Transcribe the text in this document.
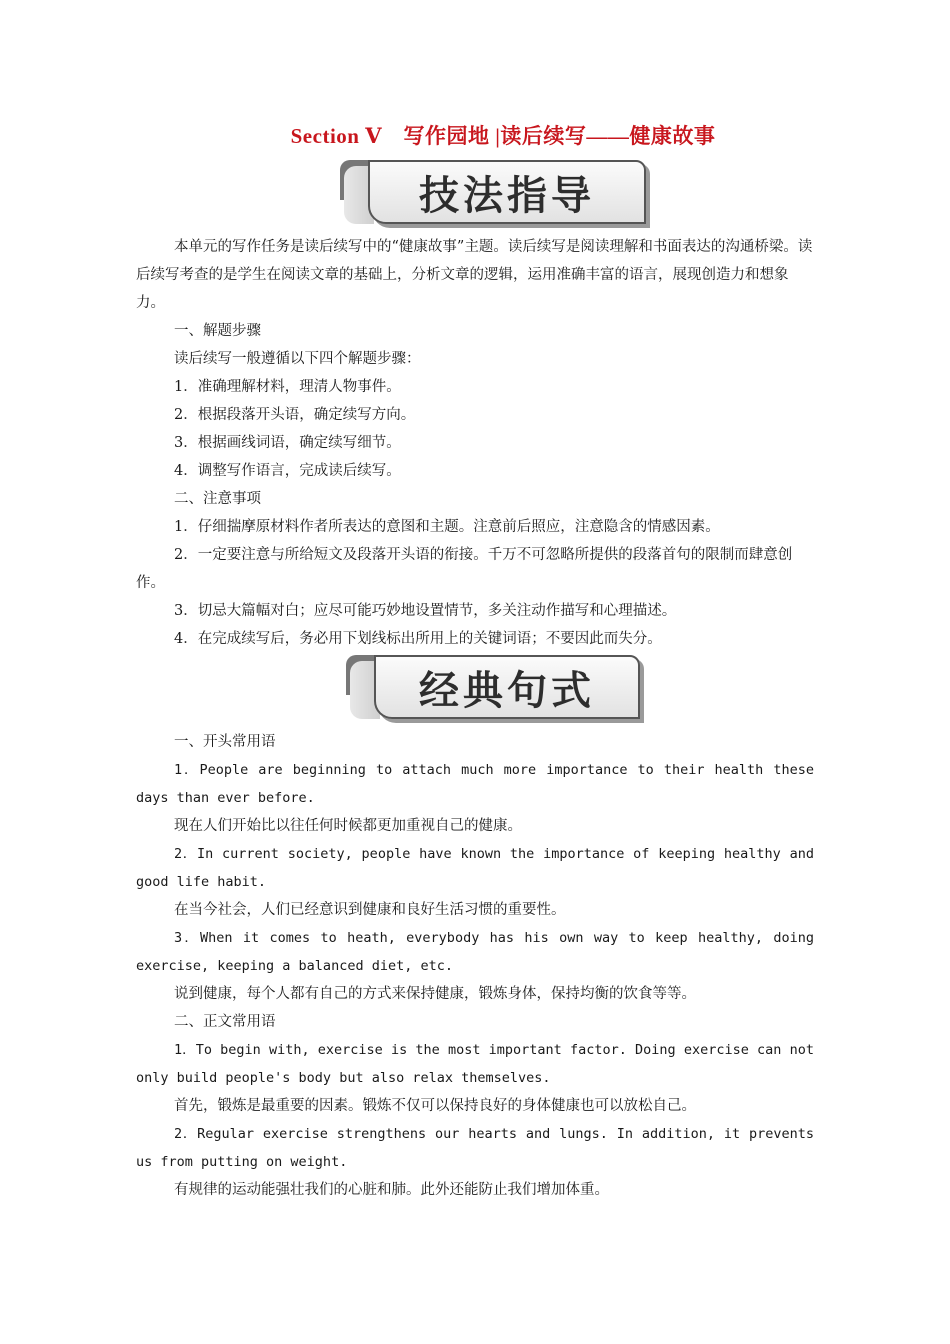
Section Ⅴ　写作园地 |读后续写——健康故事
技法指导

本单元的写作任务是读后续写中的“健康故事”主题。读后续写是阅读理解和书面表达的沟通桥梁。读后续写考查的是学生在阅读文章的基础上，分析文章的逻辑，运用准确丰富的语言，展现创造力和想象力。

一、解题步骤

读后续写一般遵循以下四个解题步骤：

1．准确理解材料，理清人物事件。

2．根据段落开头语，确定续写方向。

3．根据画线词语，确定续写细节。

4．调整写作语言，完成读后续写。

二、注意事项

1．仔细揣摩原材料作者所表达的意图和主题。注意前后照应，注意隐含的情感因素。

2．一定要注意与所给短文及段落开头语的衔接。千万不可忽略所提供的段落首句的限制而肆意创作。

3．切忌大篇幅对白；应尽可能巧妙地设置情节，多关注动作描写和心理描述。

4．在完成续写后，务必用下划线标出所用上的关键词语；不要因此而失分。

经典句式

一、开头常用语

1．People are beginning to attach much more importance to their health these days than ever before.

现在人们开始比以往任何时候都更加重视自己的健康。

2．In current society, people have known the importance of keeping healthy and good life habit.

在当今社会，人们已经意识到健康和良好生活习惯的重要性。

3．When it comes to heath, everybody has his own way to keep healthy, doing exercise, keeping a balanced diet, etc.

说到健康，每个人都有自己的方式来保持健康，锻炼身体，保持均衡的饮食等等。

二、正文常用语

1．To begin with, exercise is the most important factor. Doing exercise can not only build people's body but also relax themselves.

首先，锻炼是最重要的因素。锻炼不仅可以保持良好的身体健康也可以放松自己。

2．Regular exercise strengthens our hearts and lungs. In addition, it prevents us from putting on weight.

有规律的运动能强壮我们的心脏和肺。此外还能防止我们增加体重。
